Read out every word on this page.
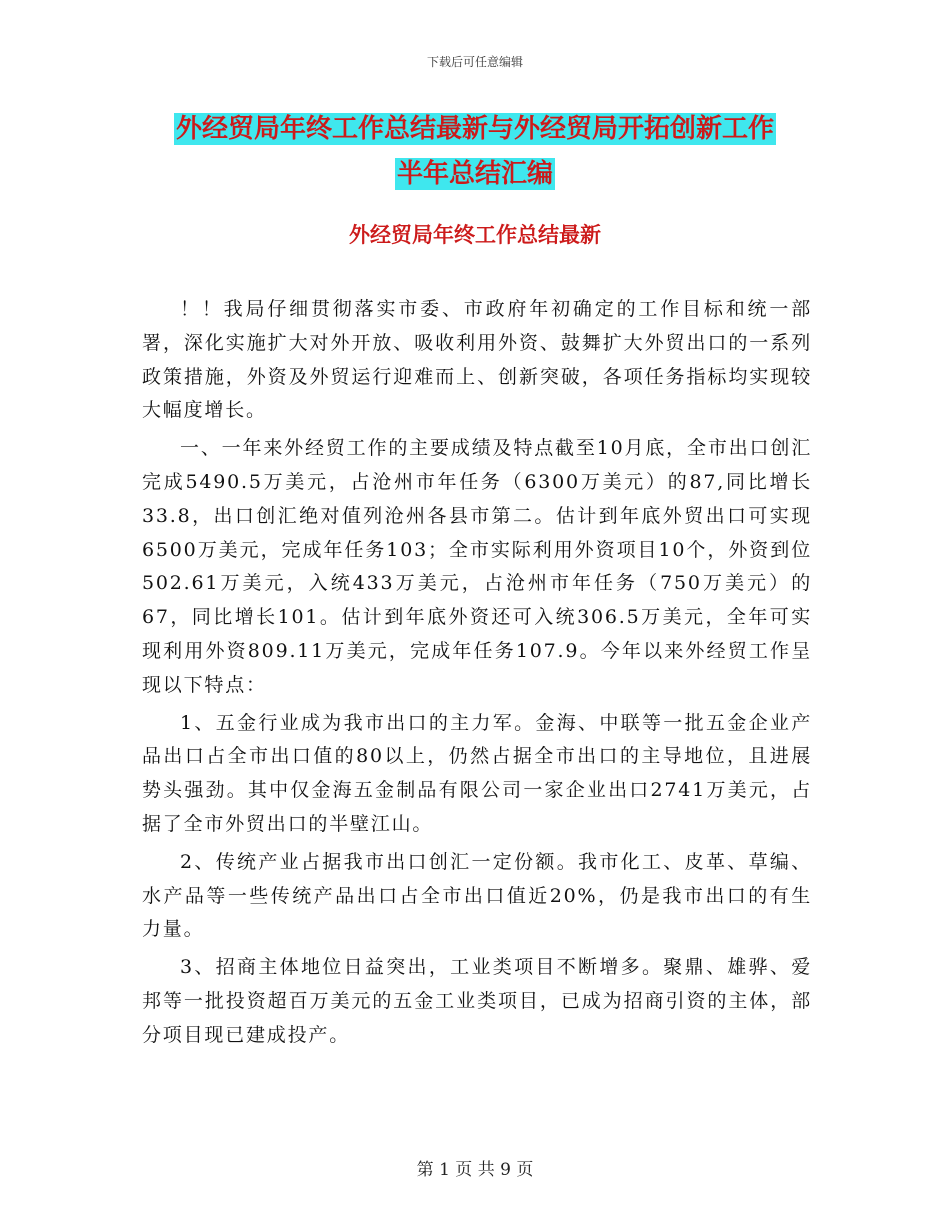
下载后可任意编辑
外经贸局年终工作总结最新与外经贸局开拓创新工作
半年总结汇编
外经贸局年终工作总结最新

！！我局仔细贯彻落实市委、市政府年初确定的工作目标和统一部署，深化实施扩大对外开放、吸收利用外资、鼓舞扩大外贸出口的一系列政策措施，外资及外贸运行迎难而上、创新突破，各项任务指标均实现较大幅度增长。

一、一年来外经贸工作的主要成绩及特点截至10月底，全市出口创汇完成5490.5万美元，占沧州市年任务（6300万美元）的87,同比增长33.8，出口创汇绝对值列沧州各县市第二。估计到年底外贸出口可实现6500万美元，完成年任务103；全市实际利用外资项目10个，外资到位502.61万美元，入统433万美元，占沧州市年任务（750万美元）的67，同比增长101。估计到年底外资还可入统306.5万美元，全年可实现利用外资809.11万美元，完成年任务107.9。今年以来外经贸工作呈现以下特点：

1、五金行业成为我市出口的主力军。金海、中联等一批五金企业产品出口占全市出口值的80以上，仍然占据全市出口的主导地位，且进展势头强劲。其中仅金海五金制品有限公司一家企业出口2741万美元，占据了全市外贸出口的半壁江山。

2、传统产业占据我市出口创汇一定份额。我市化工、皮革、草编、水产品等一些传统产品出口占全市出口值近20%，仍是我市出口的有生力量。

3、招商主体地位日益突出，工业类项目不断增多。聚鼎、雄骅、爱邦等一批投资超百万美元的五金工业类项目，已成为招商引资的主体，部分项目现已建成投产。

第 1 页 共 9 页
